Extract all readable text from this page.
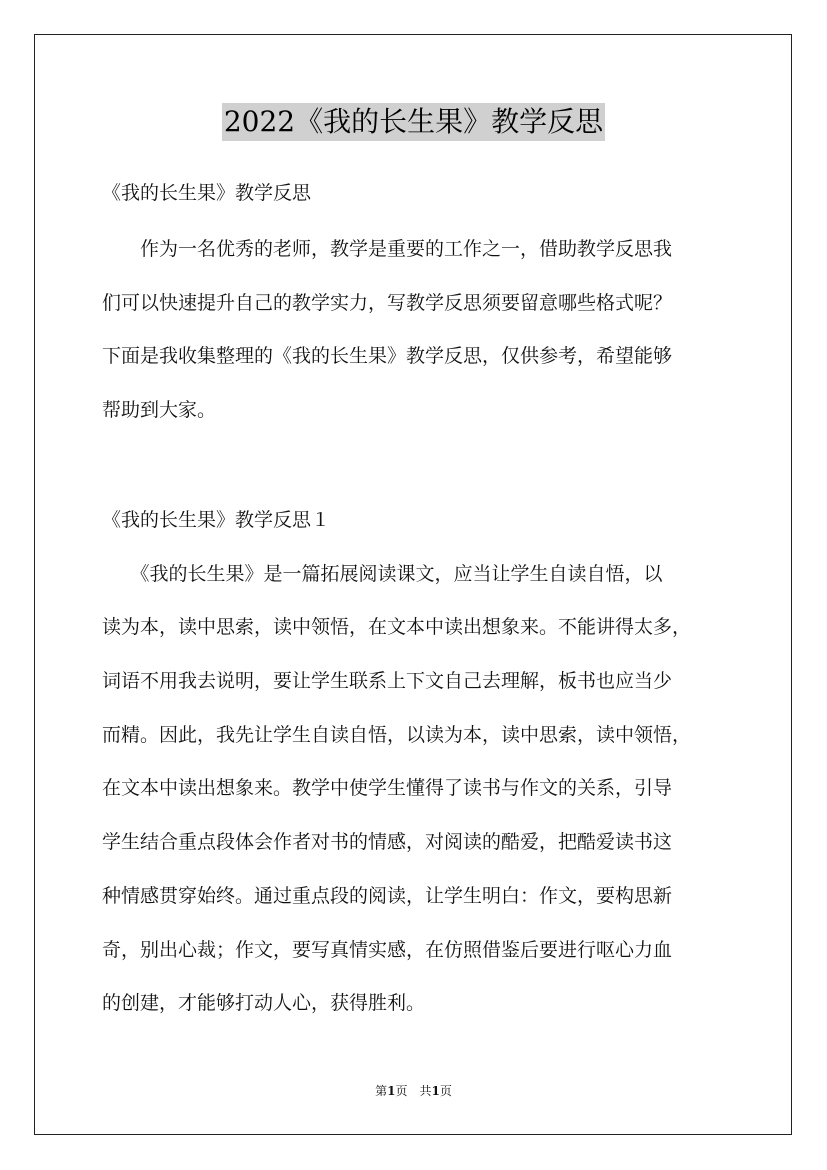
2022《我的长生果》教学反思
《我的长生果》教学反思
　　作为一名优秀的老师，教学是重要的工作之一，借助教学反思我
们可以快速提升自己的教学实力，写教学反思须要留意哪些格式呢？
下面是我收集整理的《我的长生果》教学反思，仅供参考，希望能够
帮助到大家。
《我的长生果》教学反思１
　　《我的长生果》是一篇拓展阅读课文，应当让学生自读自悟，以
读为本，读中思索，读中领悟，在文本中读出想象来。不能讲得太多，
词语不用我去说明，要让学生联系上下文自己去理解，板书也应当少
而精。因此，我先让学生自读自悟，以读为本，读中思索，读中领悟，
在文本中读出想象来。教学中使学生懂得了读书与作文的关系，引导
学生结合重点段体会作者对书的情感，对阅读的酷爱，把酷爱读书这
种情感贯穿始终。通过重点段的阅读，让学生明白：作文，要构思新
奇，别出心裁；作文，要写真情实感，在仿照借鉴后要进行呕心力血
的创建，才能够打动人心，获得胜利。
第1页　共1页
